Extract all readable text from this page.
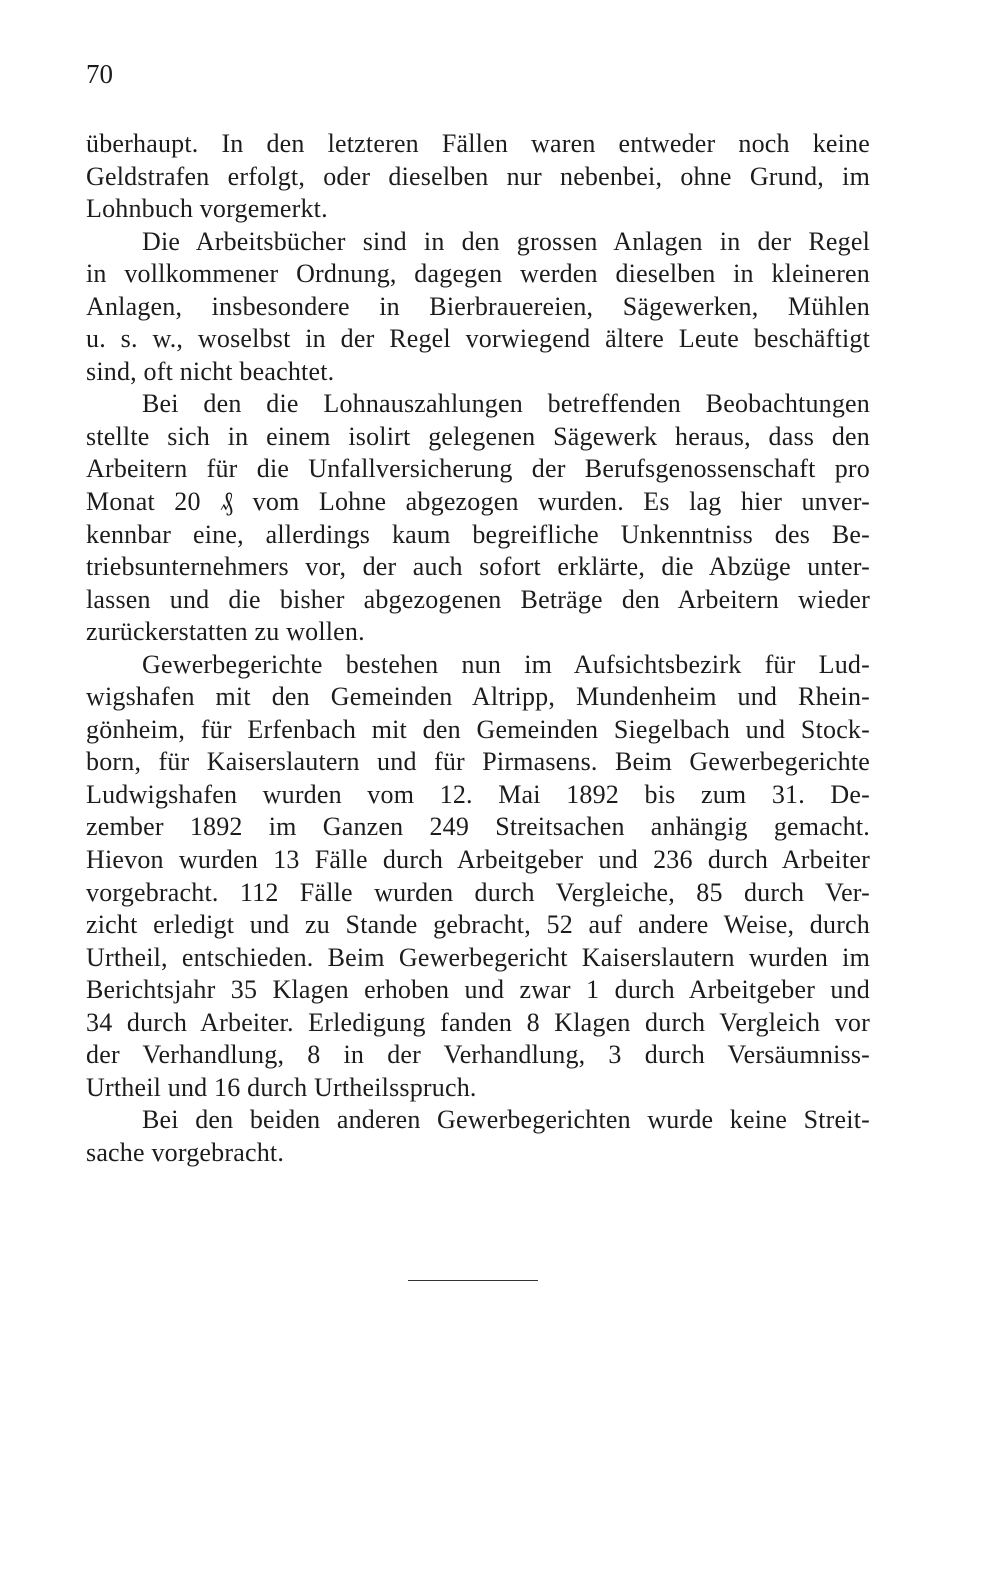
70

überhaupt. In den letzteren Fällen waren entweder noch keine
Geldstrafen erfolgt, oder dieselben nur nebenbei, ohne Grund, im
Lohnbuch vorgemerkt.
Die Arbeitsbücher sind in den grossen Anlagen in der Regel
in vollkommener Ordnung, dagegen werden dieselben in kleineren
Anlagen, insbesondere in Bierbrauereien, Sägewerken, Mühlen
u. s. w., woselbst in der Regel vorwiegend ältere Leute beschäftigt
sind, oft nicht beachtet.
Bei den die Lohnauszahlungen betreffenden Beobachtungen
stellte sich in einem isolirt gelegenen Sägewerk heraus, dass den
Arbeitern für die Unfallversicherung der Berufsgenossenschaft pro
Monat 20 ₰ vom Lohne abgezogen wurden. Es lag hier unver-
kennbar eine, allerdings kaum begreifliche Unkenntniss des Be-
triebsunternehmers vor, der auch sofort erklärte, die Abzüge unter-
lassen und die bisher abgezogenen Beträge den Arbeitern wieder
zurückerstatten zu wollen.
Gewerbegerichte bestehen nun im Aufsichtsbezirk für Lud-
wigshafen mit den Gemeinden Altripp, Mundenheim und Rhein-
gönheim, für Erfenbach mit den Gemeinden Siegelbach und Stock-
born, für Kaiserslautern und für Pirmasens. Beim Gewerbegerichte
Ludwigshafen wurden vom 12. Mai 1892 bis zum 31. De-
zember 1892 im Ganzen 249 Streitsachen anhängig gemacht.
Hievon wurden 13 Fälle durch Arbeitgeber und 236 durch Arbeiter
vorgebracht. 112 Fälle wurden durch Vergleiche, 85 durch Ver-
zicht erledigt und zu Stande gebracht, 52 auf andere Weise, durch
Urtheil, entschieden. Beim Gewerbegericht Kaiserslautern wurden im
Berichtsjahr 35 Klagen erhoben und zwar 1 durch Arbeitgeber und
34 durch Arbeiter. Erledigung fanden 8 Klagen durch Vergleich vor
der Verhandlung, 8 in der Verhandlung, 3 durch Versäumniss-
Urtheil und 16 durch Urtheilsspruch.
Bei den beiden anderen Gewerbegerichten wurde keine Streit-
sache vorgebracht.
